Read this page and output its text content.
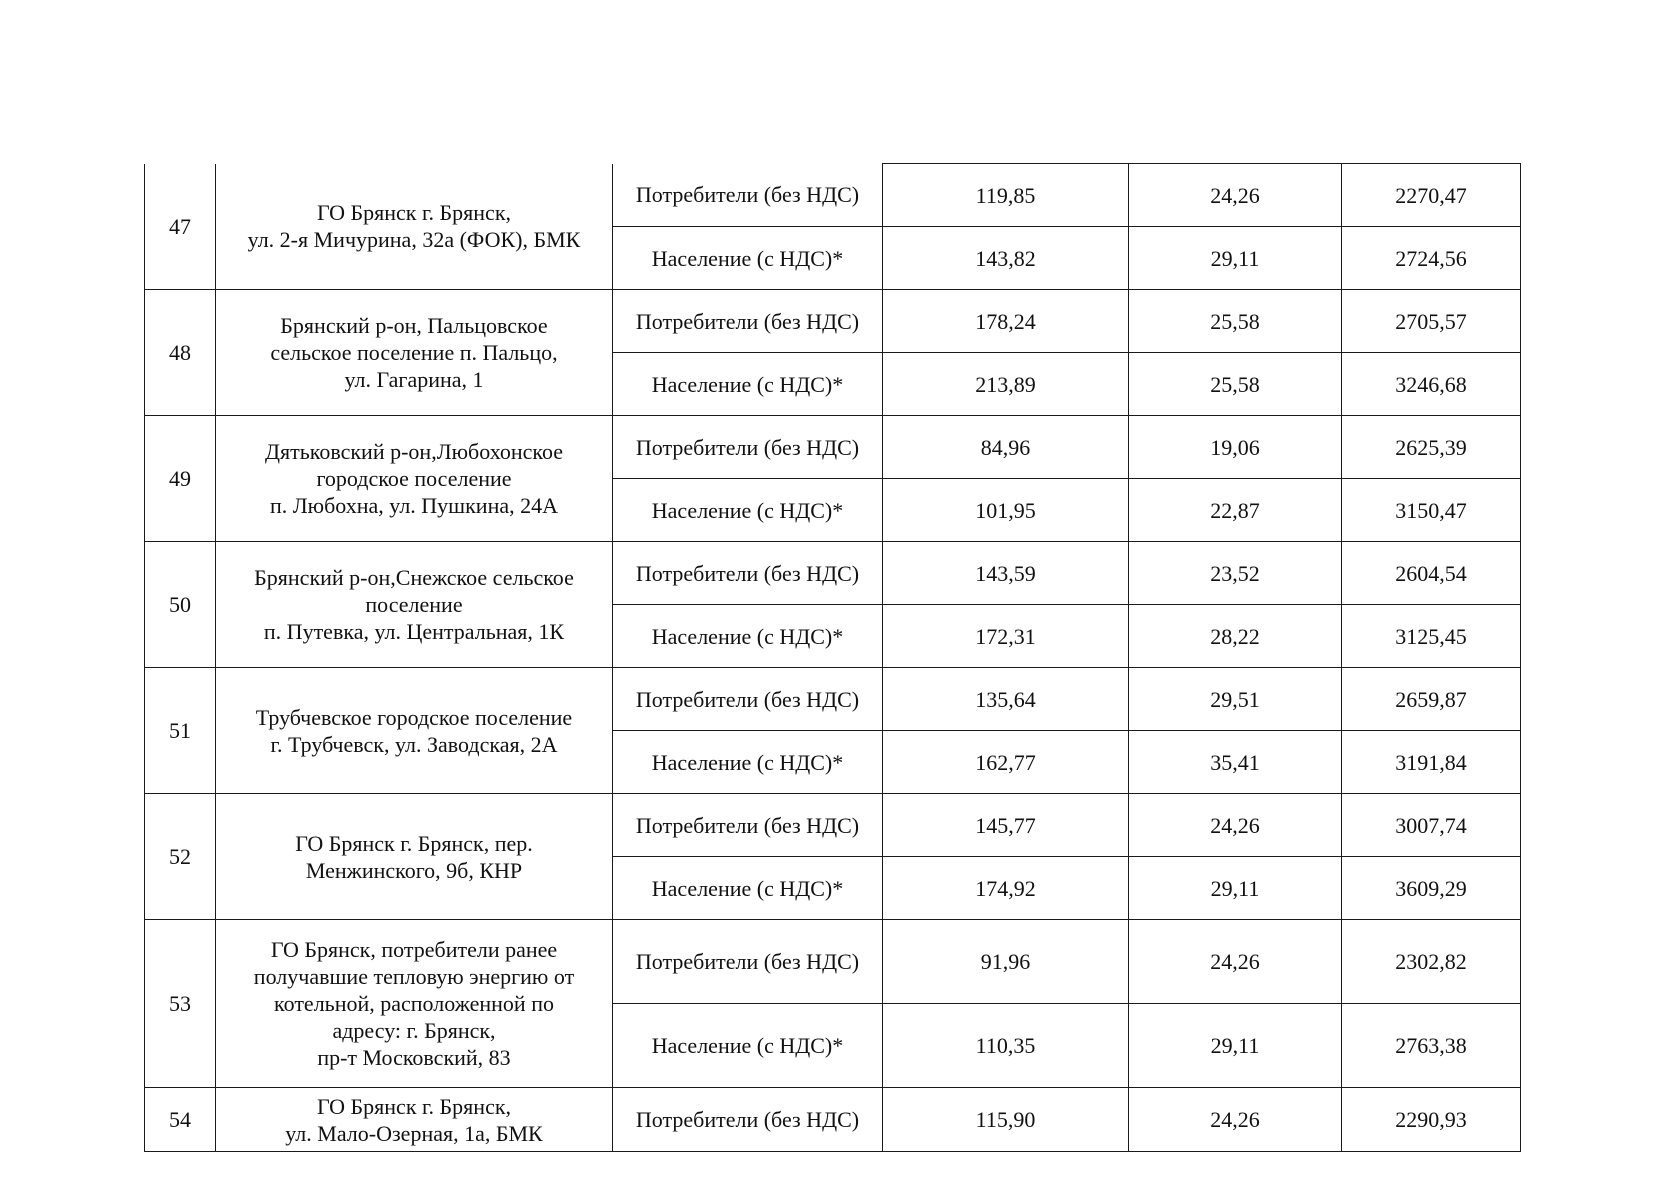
47	ГО Брянск г. Брянск,
ул. 2-я Мичурина, 32а (ФОК), БМК	Потребители (без НДС)	119,85	24,26	2270,47
		Население (с НДС)*	143,82	29,11	2724,56
48	Брянский р-он, Пальцовское
сельское поселение п. Пальцо,
ул. Гагарина, 1	Потребители (без НДС)	178,24	25,58	2705,57
		Население (с НДС)*	213,89	25,58	3246,68
49	Дятьковский р-он,Любохонское
городское поселение
п. Любохна, ул. Пушкина, 24А	Потребители (без НДС)	84,96	19,06	2625,39
		Население (с НДС)*	101,95	22,87	3150,47
50	Брянский р-он,Снежское сельское
поселение
п. Путевка, ул. Центральная, 1К	Потребители (без НДС)	143,59	23,52	2604,54
		Население (с НДС)*	172,31	28,22	3125,45
51	Трубчевское городское поселение
г. Трубчевск, ул. Заводская, 2А	Потребители (без НДС)	135,64	29,51	2659,87
		Население (с НДС)*	162,77	35,41	3191,84
52	ГО Брянск г. Брянск, пер.
Менжинского, 9б, КНР	Потребители (без НДС)	145,77	24,26	3007,74
		Население (с НДС)*	174,92	29,11	3609,29
53	ГО Брянск, потребители ранее
получавшие тепловую энергию от
котельной, расположенной по
адресу: г. Брянск,
пр-т Московский, 83	Потребители (без НДС)	91,96	24,26	2302,82
		Население (с НДС)*	110,35	29,11	2763,38
54	ГО Брянск г. Брянск,
ул. Мало-Озерная, 1а, БМК	Потребители (без НДС)	115,90	24,26	2290,93
